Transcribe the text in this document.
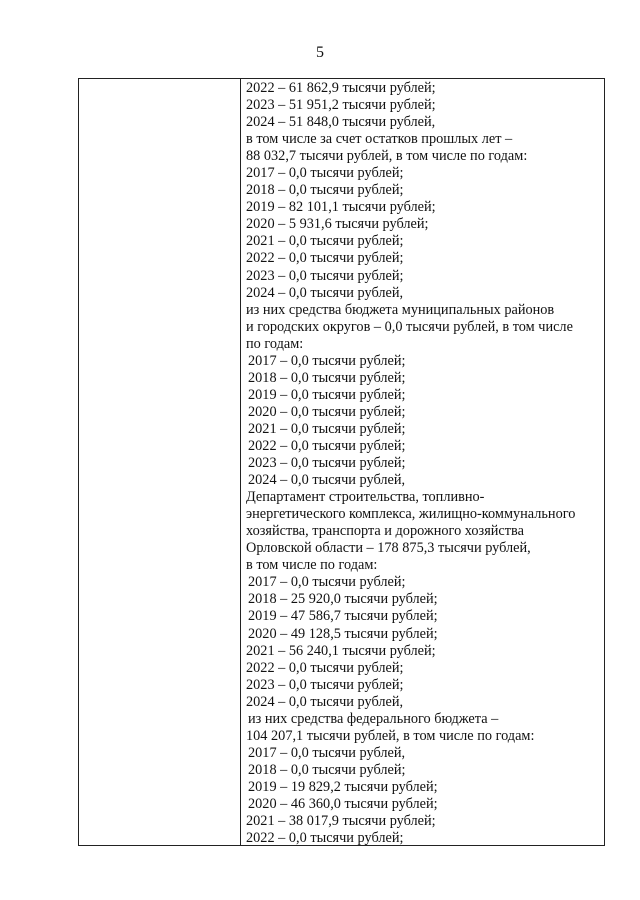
5
2022 – 61 862,9 тысячи рублей;
2023 – 51 951,2 тысячи рублей;
2024 – 51 848,0 тысячи рублей,
в том числе за счет остатков прошлых лет –
88 032,7 тысячи рублей, в том числе по годам:
2017 – 0,0 тысячи рублей;
2018 – 0,0 тысячи рублей;
2019 – 82 101,1 тысячи рублей;
2020 – 5 931,6 тысячи рублей;
2021 – 0,0 тысячи рублей;
2022 – 0,0 тысячи рублей;
2023 – 0,0 тысячи рублей;
2024 – 0,0 тысячи рублей,
из них средства бюджета муниципальных районов
и городских округов – 0,0 тысячи рублей, в том числе
по годам:
2017 – 0,0 тысячи рублей;
2018 – 0,0 тысячи рублей;
2019 – 0,0 тысячи рублей;
2020 – 0,0 тысячи рублей;
2021 – 0,0 тысячи рублей;
2022 – 0,0 тысячи рублей;
2023 – 0,0 тысячи рублей;
2024 – 0,0 тысячи рублей,
Департамент строительства, топливно-
энергетического комплекса, жилищно-коммунального
хозяйства, транспорта и дорожного хозяйства
Орловской области – 178 875,3 тысячи рублей,
в том числе по годам:
2017 – 0,0 тысячи рублей;
2018 – 25 920,0 тысячи рублей;
2019 – 47 586,7 тысячи рублей;
2020 – 49 128,5 тысячи рублей;
2021 – 56 240,1 тысячи рублей;
2022 – 0,0 тысячи рублей;
2023 – 0,0 тысячи рублей;
2024 – 0,0 тысячи рублей,
из них средства федерального бюджета –
104 207,1 тысячи рублей, в том числе по годам:
2017 – 0,0 тысячи рублей,
2018 – 0,0 тысячи рублей;
2019 – 19 829,2 тысячи рублей;
2020 – 46 360,0 тысячи рублей;
2021 – 38 017,9 тысячи рублей;
2022 – 0,0 тысячи рублей;
